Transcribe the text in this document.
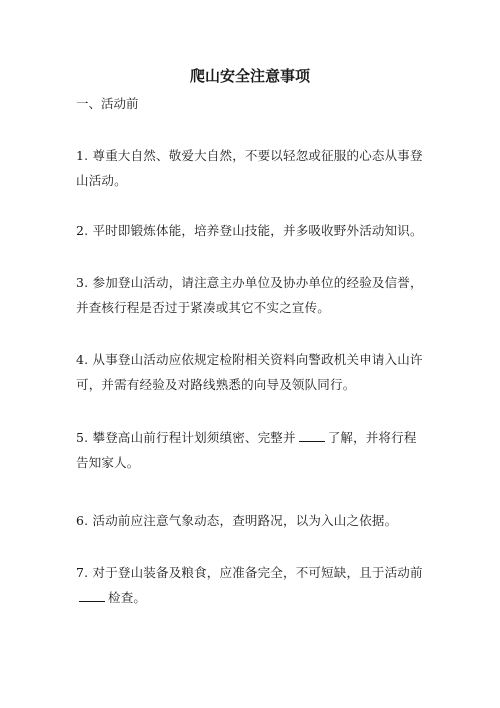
爬山安全注意事项
一、活动前
1. 尊重大自然、敬爱大自然，不要以轻忽或征服的心态从事登山活动。
2. 平时即锻炼体能，培养登山技能，并多吸收野外活动知识。
3. 参加登山活动，请注意主办单位及协办单位的经验及信誉，并查核行程是否过于紧凑或其它不实之宣传。
4. 从事登山活动应依规定检附相关资料向警政机关申请入山许可，并需有经验及对路线熟悉的向导及领队同行。
5. 攀登高山前行程计划须缜密、完整并	了解，并将行程告知家人。
6. 活动前应注意气象动态，查明路况，以为入山之依据。
7. 对于登山装备及粮食，应准备完全，不可短缺，且于活动前检查。
